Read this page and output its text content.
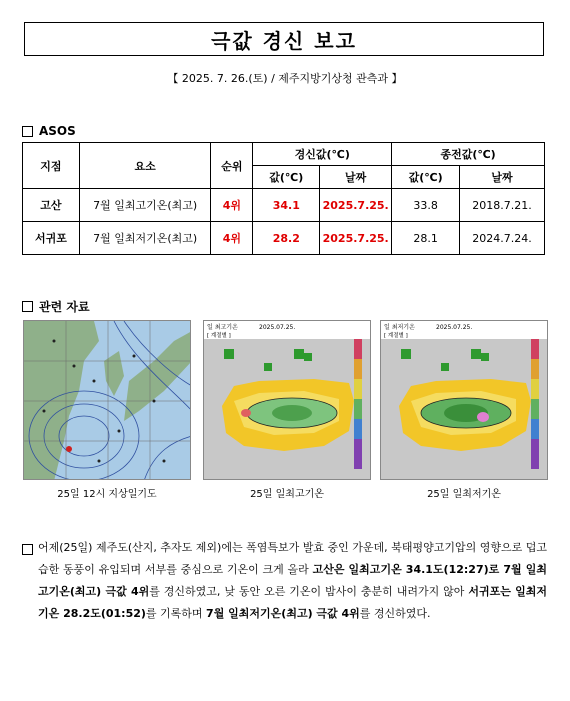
극값 경신 보고
【 2025. 7. 26.(토) / 제주지방기상청 관측과 】
ASOS
지점	요소	순위	경신값(℃)		종전값(℃)	
			값(℃)	날짜	값(℃)	날짜
고산	7월 일최고기온(최고)	4위	34.1	2025.7.25.	33.8	2018.7.21.
서귀포	7월 일최저기온(최고)	4위	28.2	2025.7.25.	28.1	2024.7.24.
관련 자료
25일 12시 지상일기도
일 최고기온	2025.07.25.
[ 계절별 ]
25일 일최고기온
일 최저기온	2025.07.25.
[ 계절별 ]
25일 일최저기온

어제(25일) 제주도(산지, 추자도 제외)에는 폭염특보가 발효 중인 가운데, 북태평양고기압의 영향으로 덥고 습한 동풍이 유입되며 서부를 중심으로 기온이 크게 올라 고산은 일최고기온 34.1도(12:27)로 7월 일최고기온(최고) 극값 4위를 경신하였고, 낮 동안 오른 기온이 밤사이 충분히 내려가지 않아 서귀포는 일최저기온 28.2도(01:52)를 기록하며 7월 일최저기온(최고) 극값 4위를 경신하였다.
